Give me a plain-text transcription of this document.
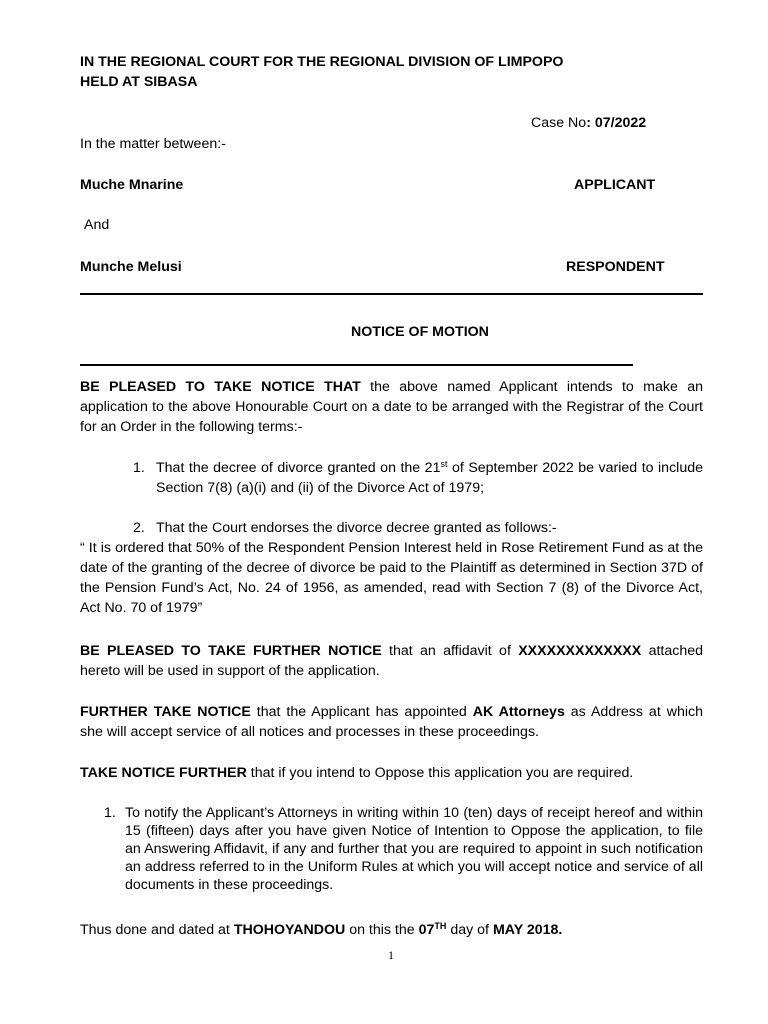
IN THE REGIONAL COURT FOR THE REGIONAL DIVISION OF LIMPOPO
HELD AT SIBASA
Case No: 07/2022
In the matter between:-
Muche Mnarine	APPLICANT
And
Munche Melusi	RESPONDENT
NOTICE OF MOTION
BE PLEASED TO TAKE NOTICE THAT the above named Applicant intends to make an application to the above Honourable Court on a date to be arranged with the Registrar of the Court for an Order in the following terms:-
1. That the decree of divorce granted on the 21st of September 2022 be varied to include Section 7(8) (a)(i) and (ii) of the Divorce Act of 1979;
2. That the Court endorses the divorce decree granted as follows:-
“ It is ordered that 50% of the Respondent Pension Interest held in Rose Retirement Fund as at the date of the granting of the decree of divorce be paid to the Plaintiff as determined in Section 37D of the Pension Fund’s Act, No. 24 of 1956, as amended, read with Section 7 (8) of the Divorce Act, Act No. 70 of 1979”
BE PLEASED TO TAKE FURTHER NOTICE that an affidavit of XXXXXXXXXXXXX attached hereto will be used in support of the application.
FURTHER TAKE NOTICE that the Applicant has appointed AK Attorneys as Address at which she will accept service of all notices and processes in these proceedings.
TAKE NOTICE FURTHER that if you intend to Oppose this application you are required.
1. To notify the Applicant’s Attorneys in writing within 10 (ten) days of receipt hereof and within 15 (fifteen) days after you have given Notice of Intention to Oppose the application, to file an Answering Affidavit, if any and further that you are required to appoint in such notification an address referred to in the Uniform Rules at which you will accept notice and service of all documents in these proceedings.
Thus done and dated at THOHOYANDOU on this the 07TH day of MAY 2018.
1
